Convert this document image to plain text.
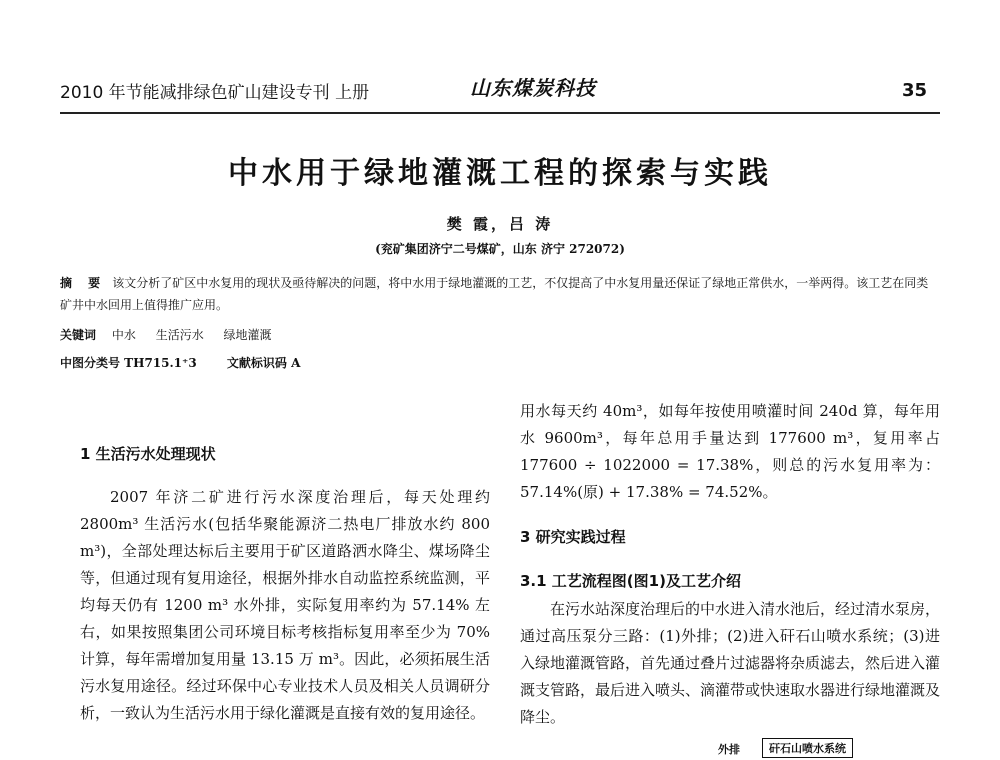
2010 年节能减排绿色矿山建设专刊 上册	山东煤炭科技	35
中水用于绿地灌溉工程的探索与实践
樊 霞，吕 涛
(兖矿集团济宁二号煤矿，山东 济宁 272072)
摘 要 该文分析了矿区中水复用的现状及亟待解决的问题，将中水用于绿地灌溉的工艺，不仅提高了中水复用量还保证了绿地正常供水，一举两得。该工艺在同类矿井中水回用上值得推广应用。
关键词 中水 生活污水 绿地灌溉
中图分类号 TH715.1⁺3	文献标识码 A
1 生活污水处理现状
2007 年济二矿进行污水深度治理后，每天处理约 2800m³ 生活污水(包括华聚能源济二热电厂排放水约 800 m³)，全部处理达标后主要用于矿区道路洒水降尘、煤场降尘等，但通过现有复用途径，根据外排水自动监控系统监测，平均每天仍有 1200 m³ 水外排，实际复用率约为 57.14% 左右，如果按照集团公司环境目标考核指标复用率至少为 70% 计算，每年需增加复用量 13.15 万 m³。因此，必须拓展生活污水复用途径。经过环保中心专业技术人员及相关人员调研分析，一致认为生活污水用于绿化灌溉是直接有效的复用途径。
用水每天约 40m³，如每年按使用喷灌时间 240d 算，每年用水 9600m³，每年总用手量达到 177600 m³，复用率占 177600 ÷ 1022000 = 17.38%，则总的污水复用率为：57.14%(原) + 17.38% = 74.52%。
3 研究实践过程
3.1 工艺流程图(图1)及工艺介绍
在污水站深度治理后的中水进入清水池后，经过清水泵房，通过高压泵分三路：(1)外排；(2)进入矸石山喷水系统；(3)进入绿地灌溉管路，首先通过叠片过滤器将杂质滤去，然后进入灌溉支管路，最后进入喷头、滴灌带或快速取水器进行绿地灌溉及降尘。
外排	矸石山喷水系统
